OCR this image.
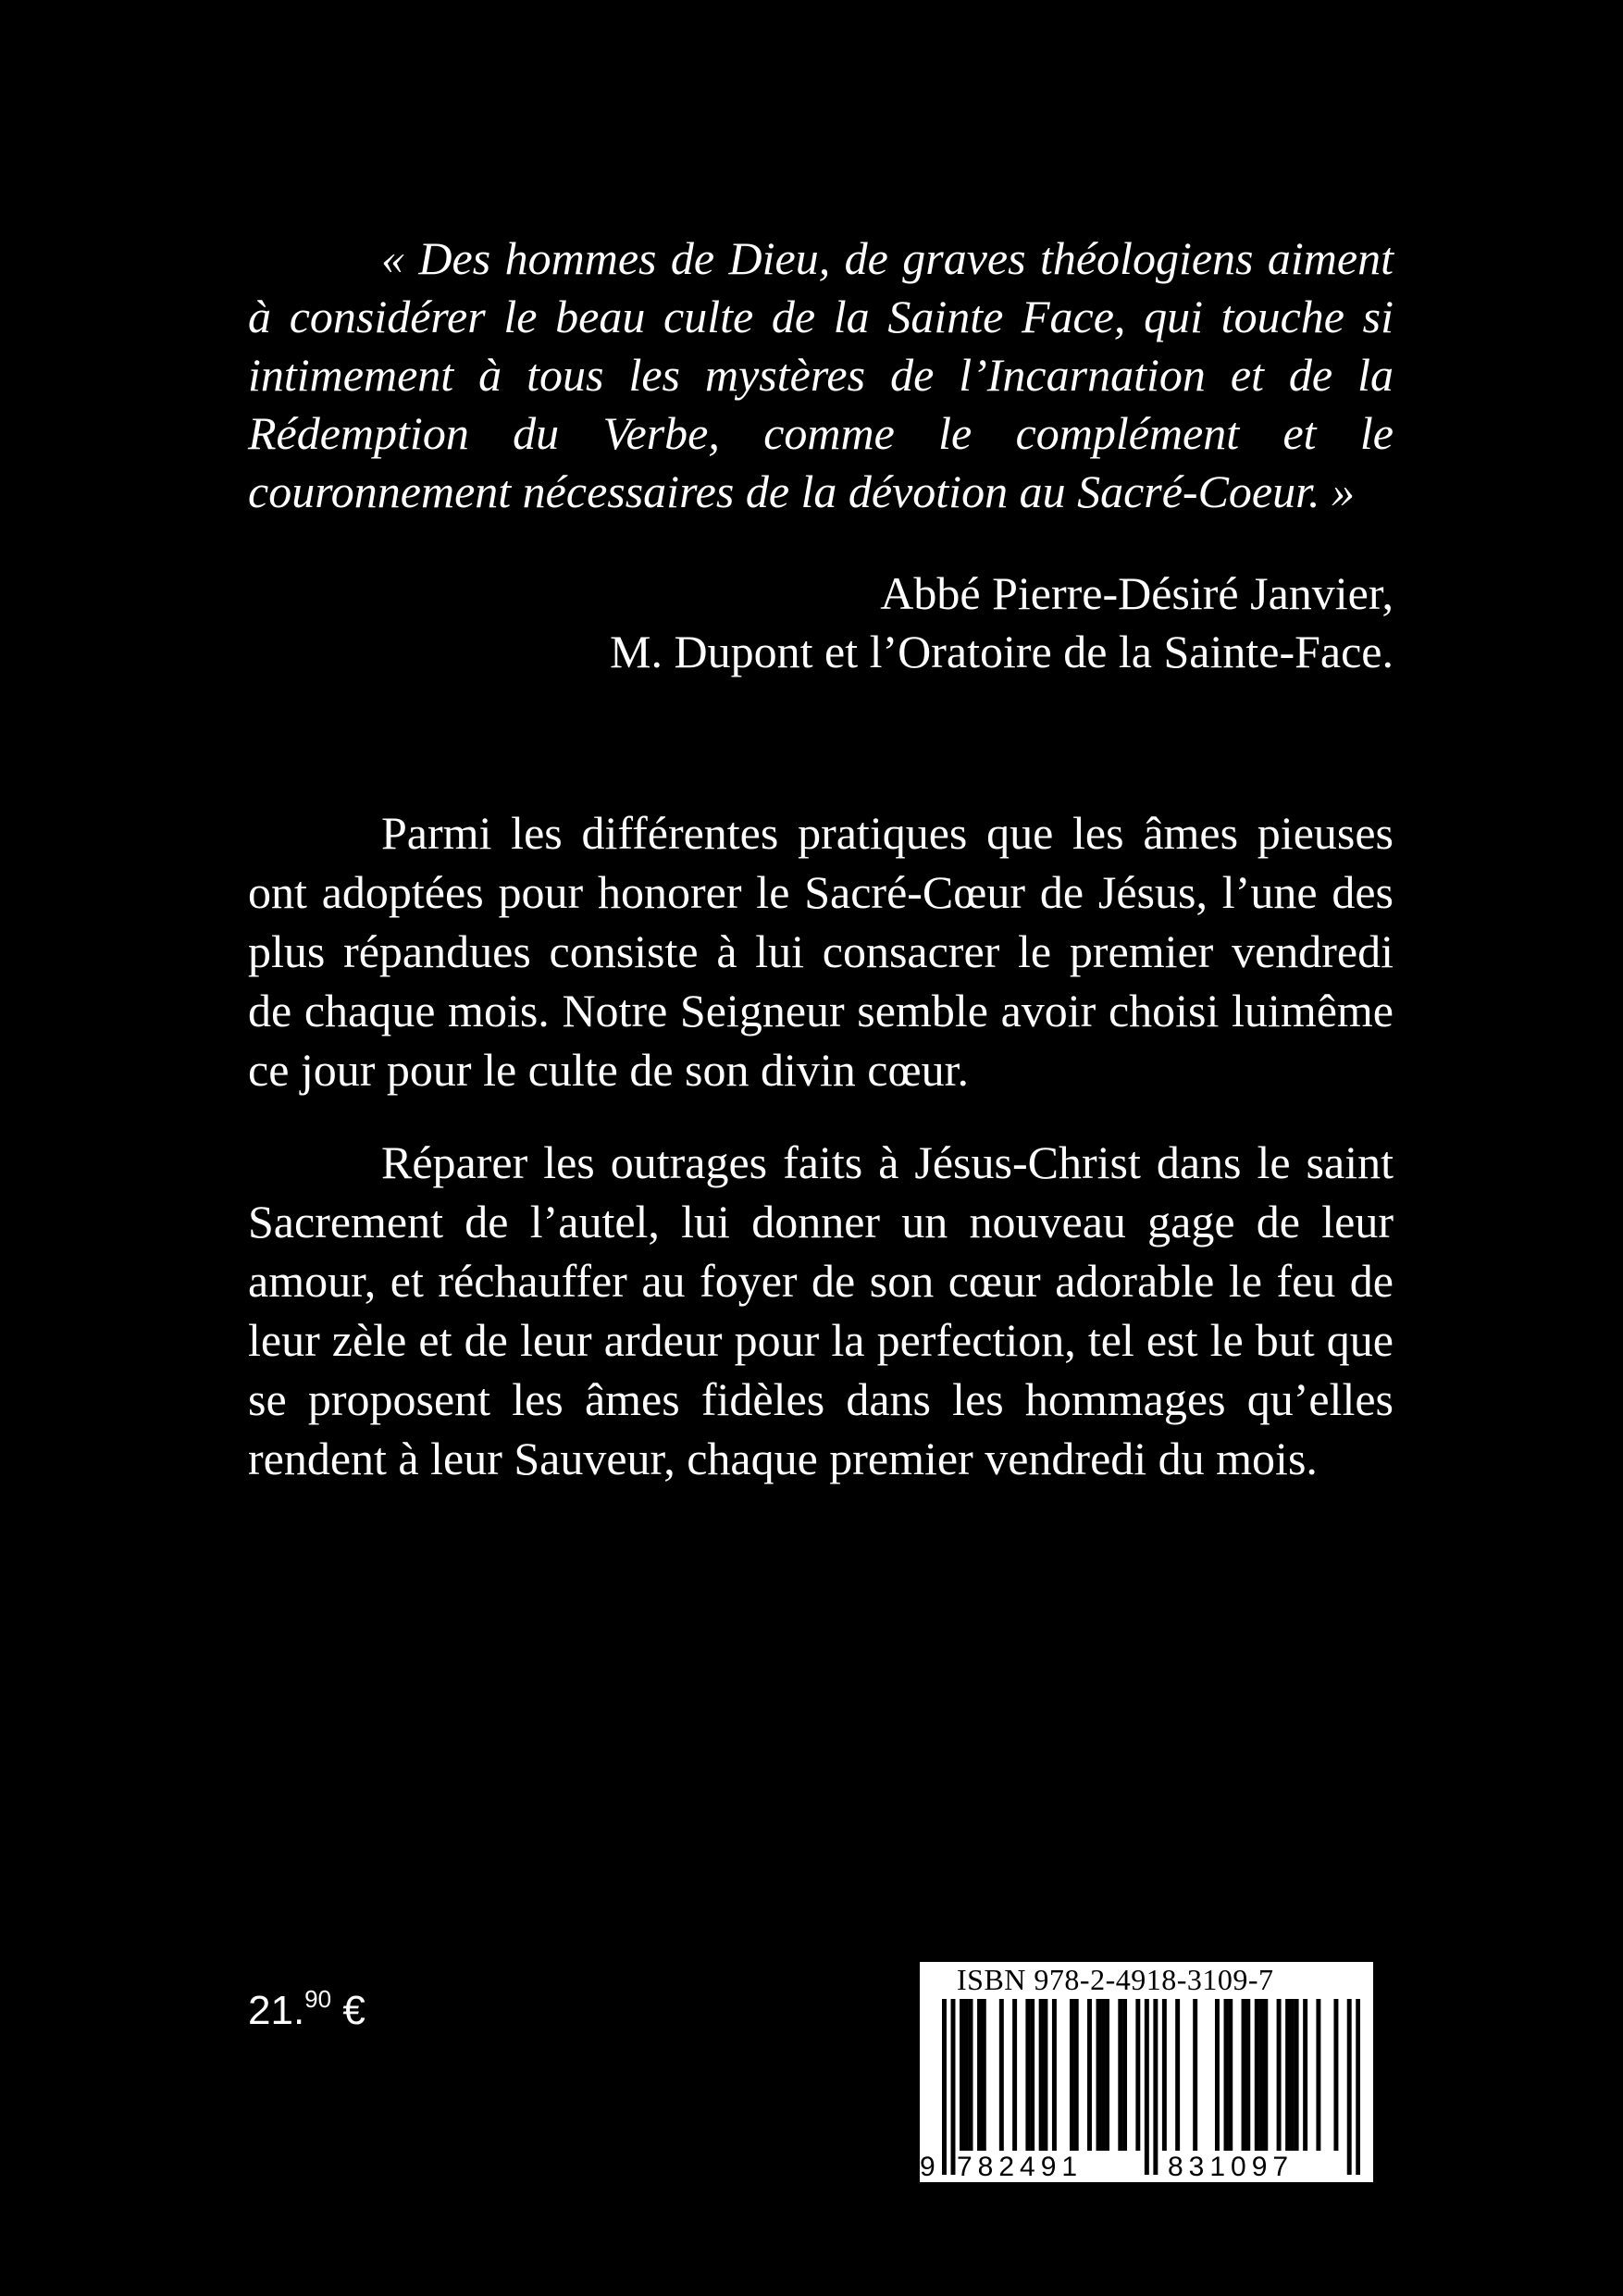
« Des hommes de Dieu, de graves théologiens aiment à considérer le beau culte de la Sainte Face, qui touche si intimement à tous les mystères de l’Incarnation et de la Rédemption du Verbe, comme le complément et le couronnement nécessaires de la dévotion au Sacré-Coeur. »

Abbé Pierre-Désiré Janvier,
M. Dupont et l’Oratoire de la Sainte-Face.

Parmi les différentes pratiques que les âmes pieuses ont adoptées pour honorer le Sacré-Cœur de Jésus, l’une des plus répandues consiste à lui consacrer le premier vendredi de chaque mois. Notre Seigneur semble avoir choisi luimême ce jour pour le culte de son divin cœur.

Réparer les outrages faits à Jésus-Christ dans le saint Sacrement de l’autel, lui donner un nouveau gage de leur amour, et réchauffer au foyer de son cœur adorable le feu de leur zèle et de leur ardeur pour la perfection, tel est le but que se proposent les âmes fidèles dans les hommages qu’elles rendent à leur Sauveur, chaque premier vendredi du mois.

21.90 €
ISBN 978-2-4918-3109-7
9 782491	831097
